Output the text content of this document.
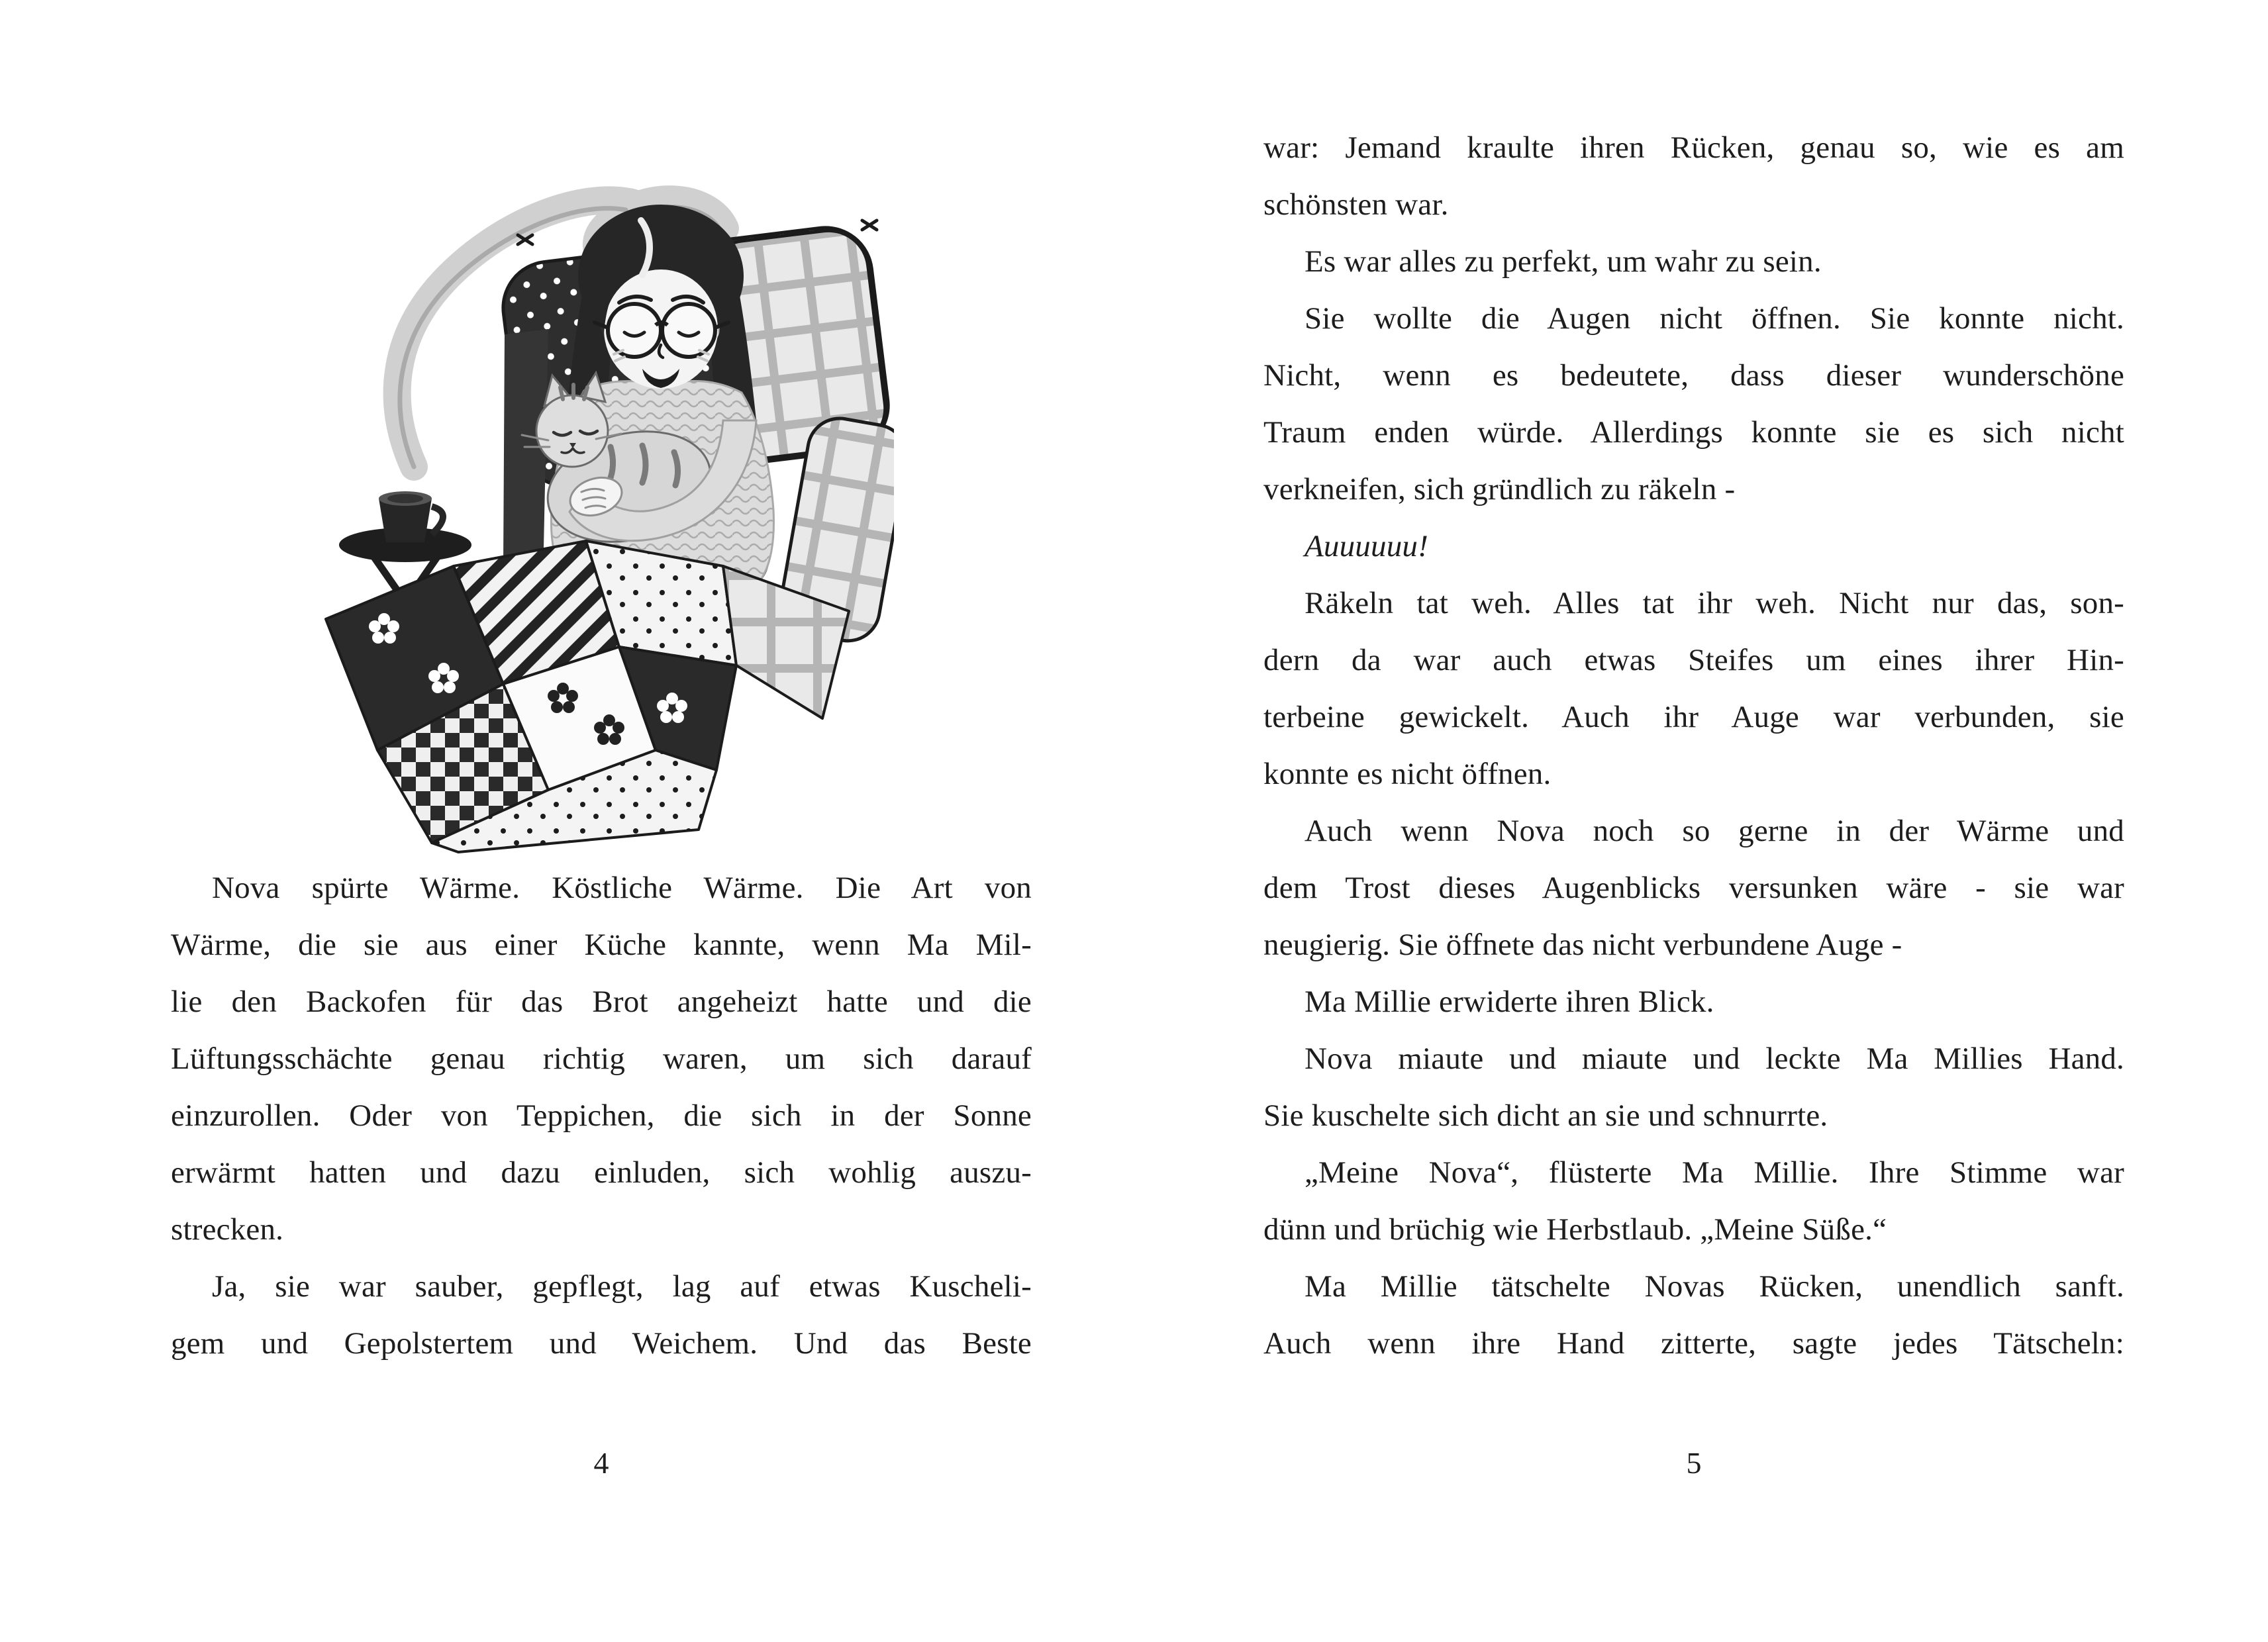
Nova spürte Wärme. Köstliche Wärme. Die Art von
Wärme, die sie aus einer Küche kannte, wenn Ma Mil-
lie den Backofen für das Brot angeheizt hatte und die
Lüftungsschächte genau richtig waren, um sich darauf
einzurollen. Oder von Teppichen, die sich in der Sonne
erwärmt hatten und dazu einluden, sich wohlig auszu-
strecken.
Ja, sie war sauber, gepflegt, lag auf etwas Kuscheli-
gem und Gepolstertem und Weichem. Und das Beste
4
war: Jemand kraulte ihren Rücken, genau so, wie es am
schönsten war.
Es war alles zu perfekt, um wahr zu sein.
Sie wollte die Augen nicht öffnen. Sie konnte nicht.
Nicht, wenn es bedeutete, dass dieser wunderschöne
Traum enden würde. Allerdings konnte sie es sich nicht
verkneifen, sich gründlich zu räkeln -
Auuuuuu!
Räkeln tat weh. Alles tat ihr weh. Nicht nur das, son-
dern da war auch etwas Steifes um eines ihrer Hin-
terbeine gewickelt. Auch ihr Auge war verbunden, sie
konnte es nicht öffnen.
Auch wenn Nova noch so gerne in der Wärme und
dem Trost dieses Augenblicks versunken wäre - sie war
neugierig. Sie öffnete das nicht verbundene Auge -
Ma Millie erwiderte ihren Blick.
Nova miaute und miaute und leckte Ma Millies Hand.
Sie kuschelte sich dicht an sie und schnurrte.
„Meine Nova“, flüsterte Ma Millie. Ihre Stimme war
dünn und brüchig wie Herbstlaub. „Meine Süße.“
Ma Millie tätschelte Novas Rücken, unendlich sanft.
Auch wenn ihre Hand zitterte, sagte jedes Tätscheln:
5
